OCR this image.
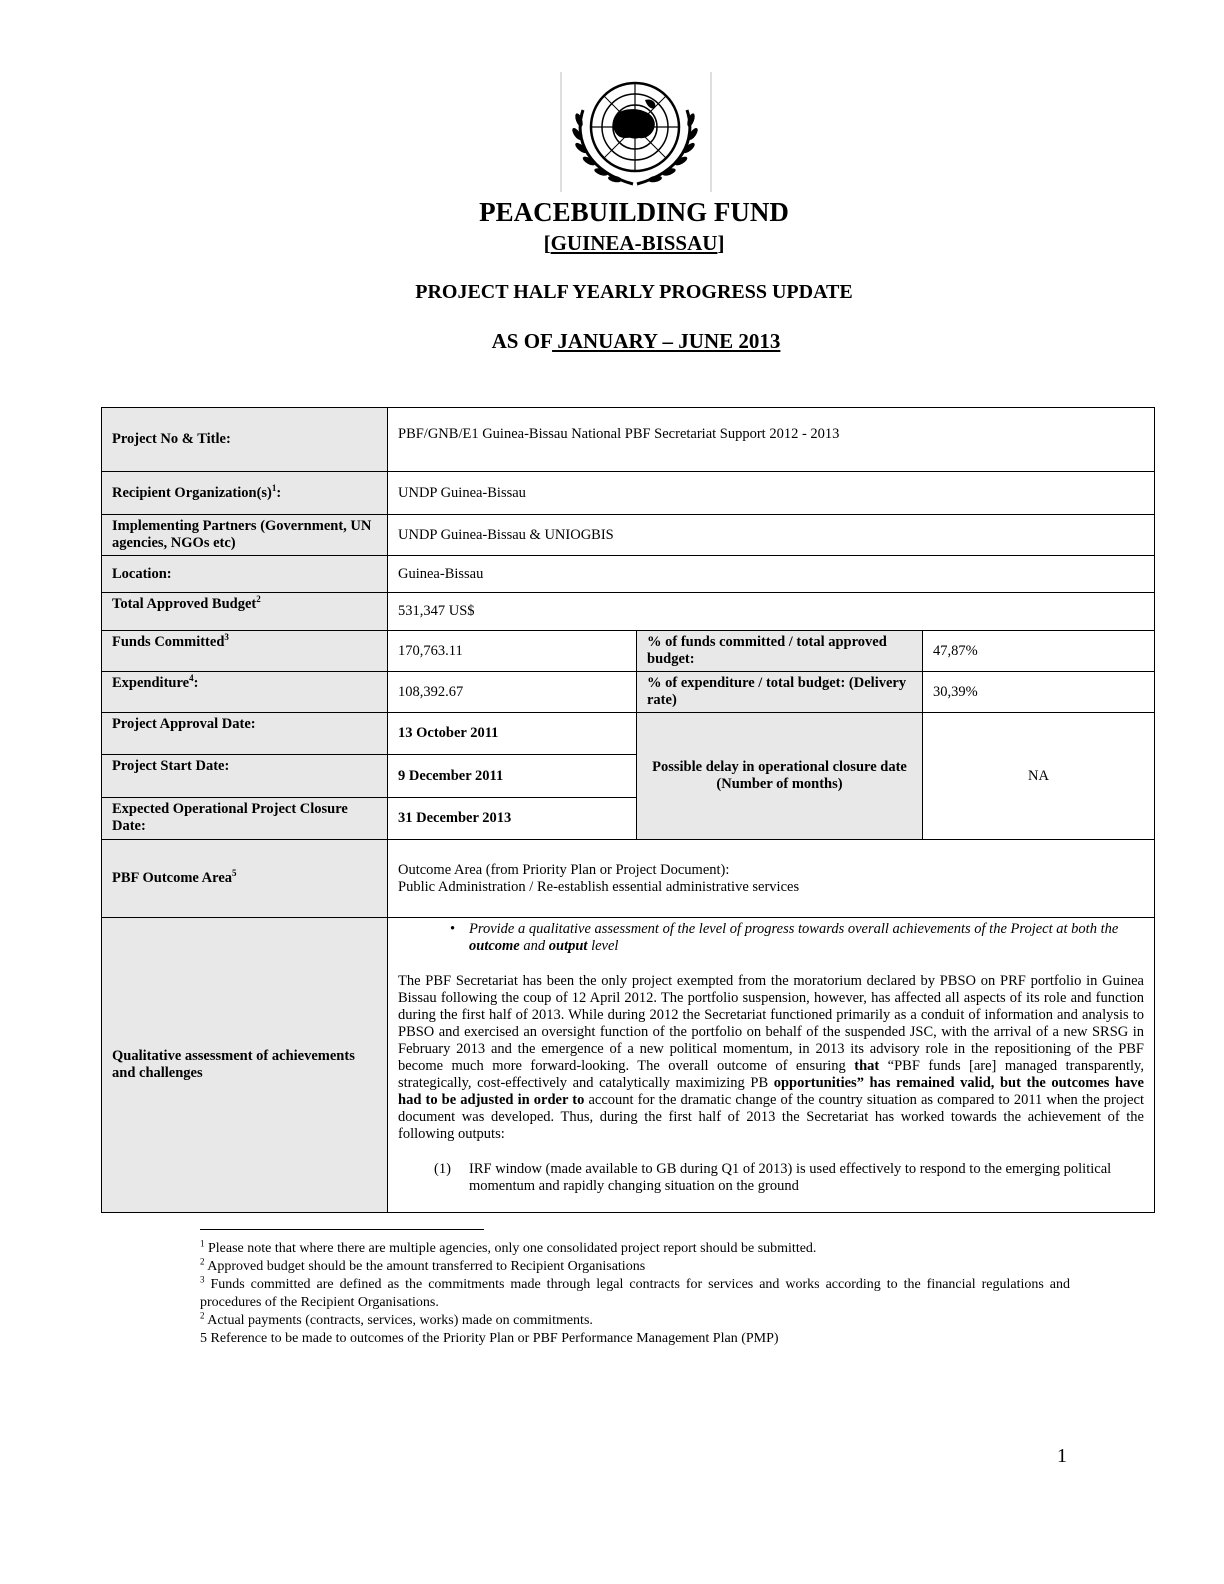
PEACEBUILDING FUND
[GUINEA-BISSAU]
PROJECT HALF YEARLY PROGRESS UPDATE
AS OF JANUARY – JUNE 2013
Project No & Title:	PBF/GNB/E1 Guinea-Bissau National PBF Secretariat Support 2012 - 2013		
Recipient $Organization(s)^1$:	UNDP Guinea-Bissau		
Implementing Partners (Government, UN agencies, NGOs etc)	UNDP Guinea-Bissau & UNIOGBIS		
Location:	Guinea-Bissau		
Total Approved Budget$^2$	531,347 US$		
Funds Committed$^3$	170,763.11	% of funds committed / total approved budget:	47,87%
Expenditure$^4$:	108,392.67	% of expenditure / total budget: (Delivery rate)	30,39%
Project Approval Date:	13 October 2011	Possible delay in operational closure date (Number of months)	NA
Project Start Date:	9 December 2011		
Expected Operational Project Closure Date:	31 December 2013		
PBF Outcome Area$^5$	Outcome Area (from Priority Plan or Project Document):
Public Administration / Re-establish essential administrative services		

Qualitative assessment of achievements and challenges	• Provide a qualitative assessment of the level of progress towards overall achievements of the Project at both the outcome and output level
The PBF Secretariat has been the only project exempted from the moratorium declared by PBSO on PRF portfolio in Guinea Bissau following the coup of 12 April 2012. The portfolio suspension, however, has affected all aspects of its role and function during the first half of 2013. While during 2012 the Secretariat functioned primarily as a conduit of information and analysis to PBSO and exercised an oversight function of the portfolio on behalf of the suspended JSC, with the arrival of a new SRSG in February 2013 and the emergence of a new political momentum, in 2013 its advisory role in the repositioning of the PBF become much more forward-looking. The overall outcome of ensuring that “PBF funds [are] managed transparently, strategically, cost-effectively and catalytically maximizing PB opportunities” has remained valid, but the outcomes have had to be adjusted in order to account for the dramatic change of the country situation as compared to 2011 when the project document was developed. Thus, during the first half of 2013 the Secretariat has worked towards the achievement of the following outputs:
(1) IRF window (made available to GB during Q1 of 2013) is used effectively to respond to the emerging political momentum and rapidly changing situation on the ground		
$^1$ Please note that where there are multiple agencies, only one consolidated project report should be submitted.
$^2$ Approved budget should be the amount transferred to Recipient Organisations
$^3$ Funds committed are defined as the commitments made through legal contracts for services and works according to the financial regulations and procedures of the Recipient Organisations.
$^2$ Actual payments (contracts, services, works) made on commitments.
5 Reference to be made to outcomes of the Priority Plan or PBF Performance Management Plan (PMP)
1
